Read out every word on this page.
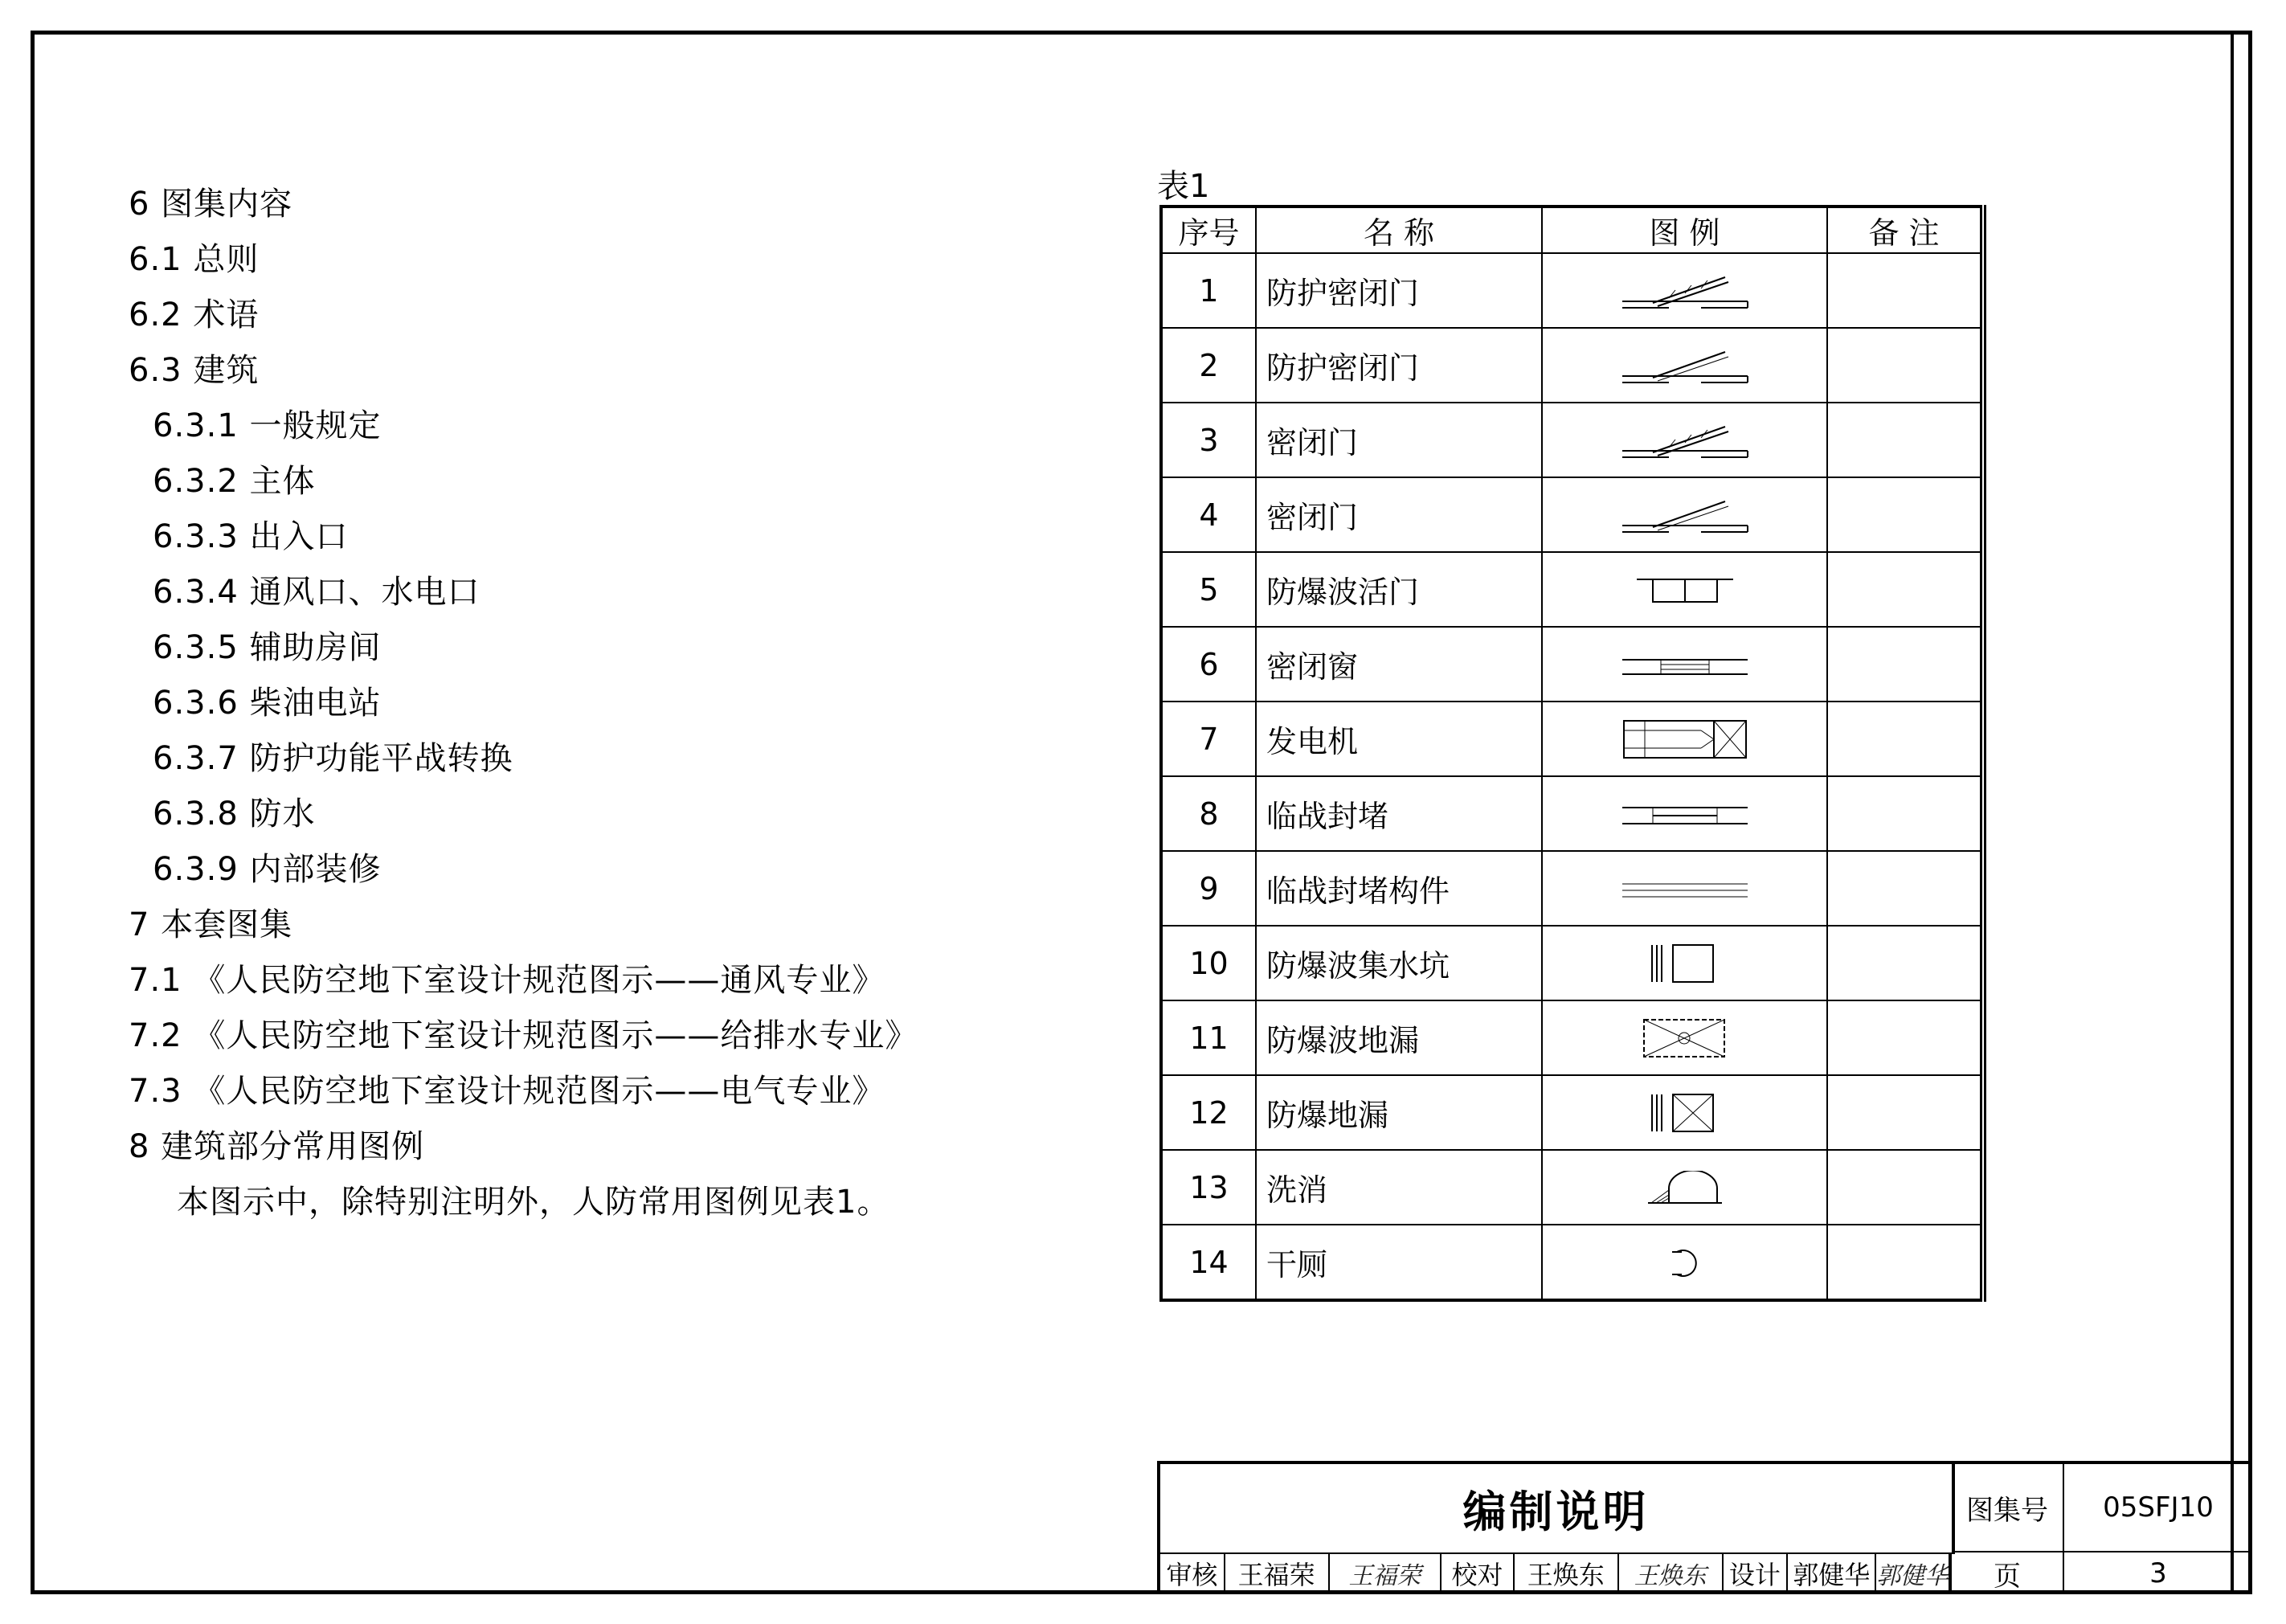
6 图集内容
6.1 总则
6.2 术语
6.3 建筑
6.3.1 一般规定
6.3.2 主体
6.3.3 出入口
6.3.4 通风口、水电口
6.3.5 辅助房间
6.3.6 柴油电站
6.3.7 防护功能平战转换
6.3.8 防水
6.3.9 内部装修
7 本套图集
7.1 《人民防空地下室设计规范图示——通风专业》
7.2 《人民防空地下室设计规范图示——给排水专业》
7.3 《人民防空地下室设计规范图示——电气专业》
8 建筑部分常用图例
本图示中，除特别注明外，人防常用图例见表1。
表1
序号	名 称	图 例	备 注
1	防护密闭门		
2	防护密闭门		
3	密闭门		
4	密闭门		
5	防爆波活门		
6	密闭窗		
7	发电机		
8	临战封堵		
9	临战封堵构件		
10	防爆波集水坑		
11	防爆波地漏		
12	防爆地漏		
13	洗消		
14	干厕		
编制说明	图集号	05SFJ10
审核 王福荣	王福荣	校对 王焕东	王焕东 设计 郭健华 郭健华	页	3
